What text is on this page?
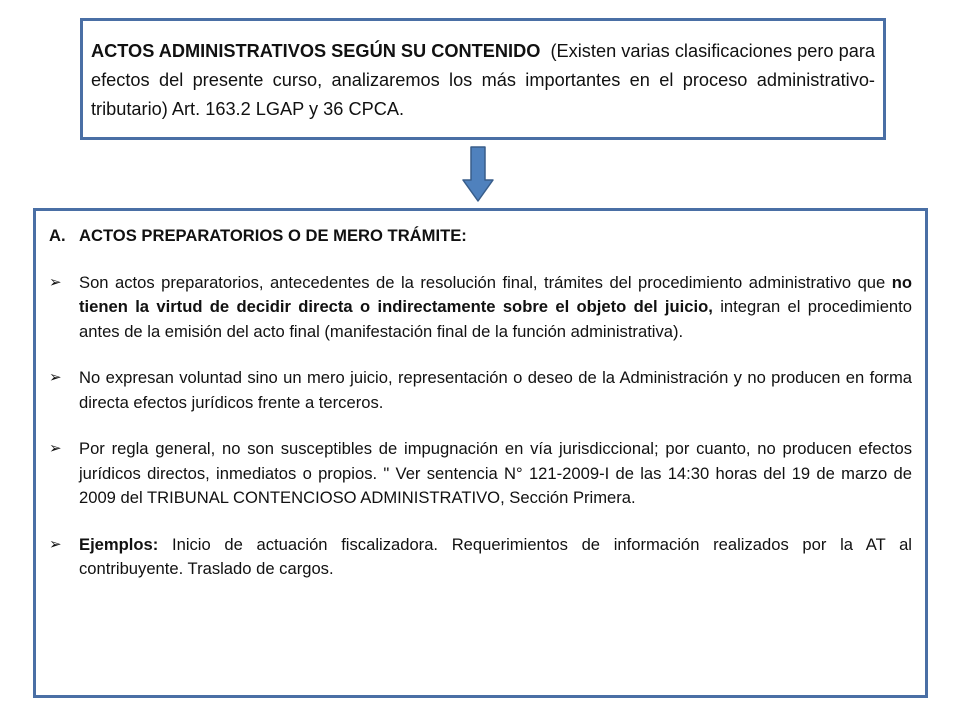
ACTOS ADMINISTRATIVOS SEGÚN SU CONTENIDO (Existen varias clasificaciones pero para efectos del presente curso, analizaremos los más importantes en el proceso administrativo-tributario) Art. 163.2 LGAP y 36 CPCA.
A. ACTOS PREPARATORIOS O DE MERO TRÁMITE:
➢	Son actos preparatorios, antecedentes de la resolución final, trámites del procedimiento administrativo que no tienen la virtud de decidir directa o indirectamente sobre el objeto del juicio, integran el procedimiento antes de la emisión del acto final (manifestación final de la función administrativa).
➢	No expresan voluntad sino un mero juicio, representación o deseo de la Administración y no producen en forma directa efectos jurídicos frente a terceros.
➢	Por regla general, no son susceptibles de impugnación en vía jurisdiccional; por cuanto, no producen efectos jurídicos directos, inmediatos o propios. " Ver sentencia N° 121-2009-I de las 14:30 horas del 19 de marzo de 2009 del TRIBUNAL CONTENCIOSO ADMINISTRATIVO, Sección Primera.
➢	Ejemplos: Inicio de actuación fiscalizadora. Requerimientos de información realizados por la AT al contribuyente. Traslado de cargos.
